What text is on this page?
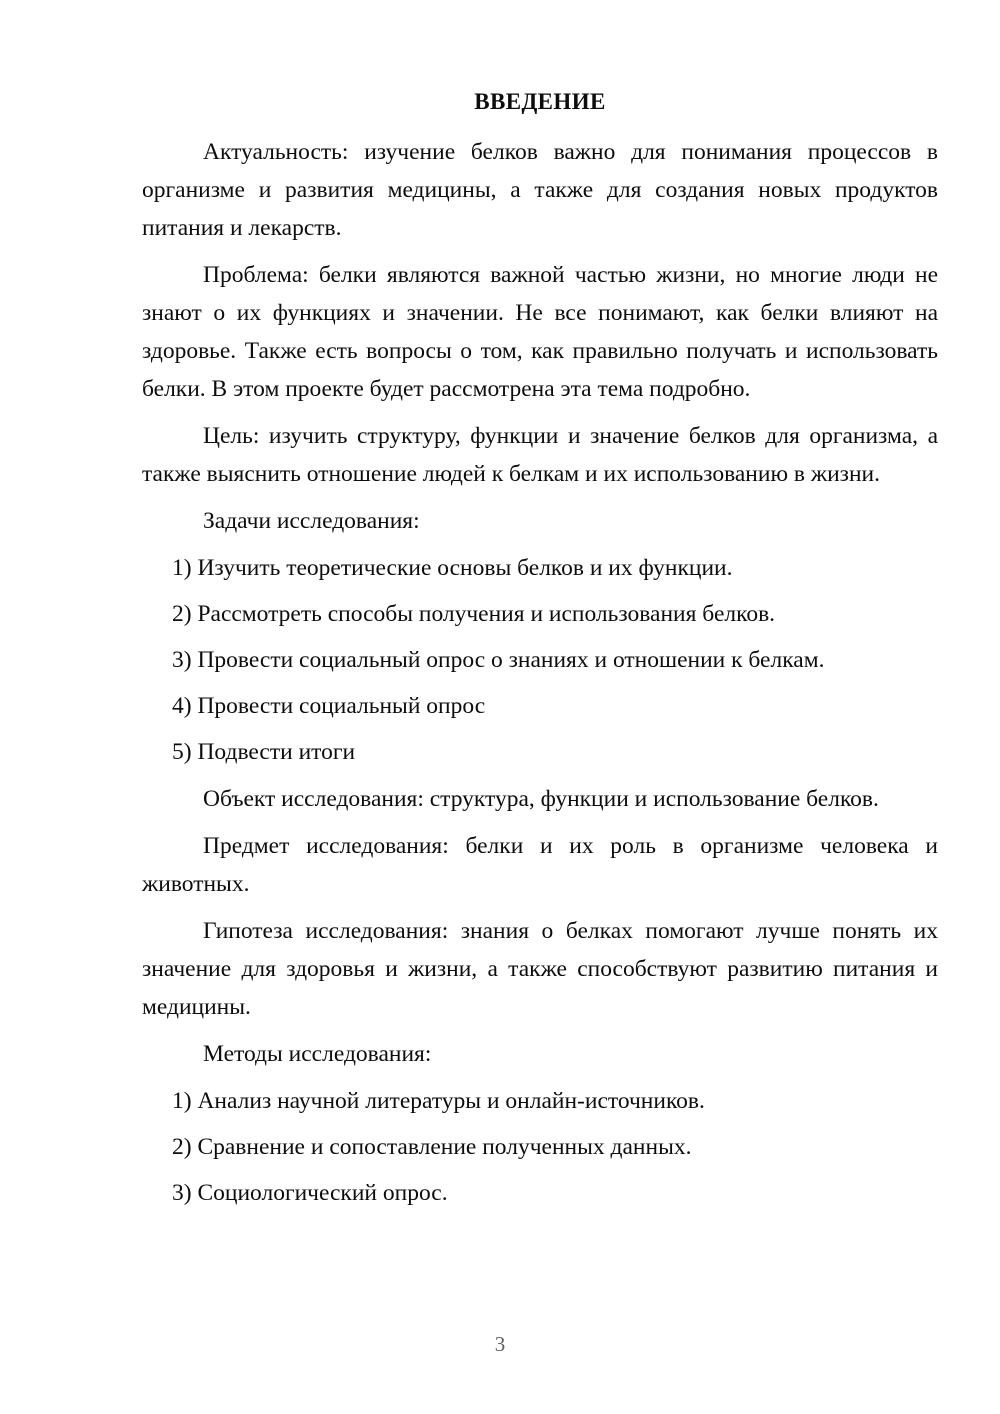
ВВЕДЕНИЕ

Актуальность: изучение белков важно для понимания процессов в организме и развития медицины, а также для создания новых продуктов питания и лекарств.

Проблема: белки являются важной частью жизни, но многие люди не знают о их функциях и значении. Не все понимают, как белки влияют на здоровье. Также есть вопросы о том, как правильно получать и использовать белки. В этом проекте будет рассмотрена эта тема подробно.

Цель: изучить структуру, функции и значение белков для организма, а также выяснить отношение людей к белкам и их использованию в жизни.

Задачи исследования:

1) Изучить теоретические основы белков и их функции.
2) Рассмотреть способы получения и использования белков.
3) Провести социальный опрос о знаниях и отношении к белкам.
4) Провести социальный опрос
5) Подвести итоги

Объект исследования: структура, функции и использование белков.

Предмет исследования: белки и их роль в организме человека и животных.

Гипотеза исследования: знания о белках помогают лучше понять их значение для здоровья и жизни, а также способствуют развитию питания и медицины.

Методы исследования:

1) Анализ научной литературы и онлайн-источников.
2) Сравнение и сопоставление полученных данных.
3) Социологический опрос.
3
